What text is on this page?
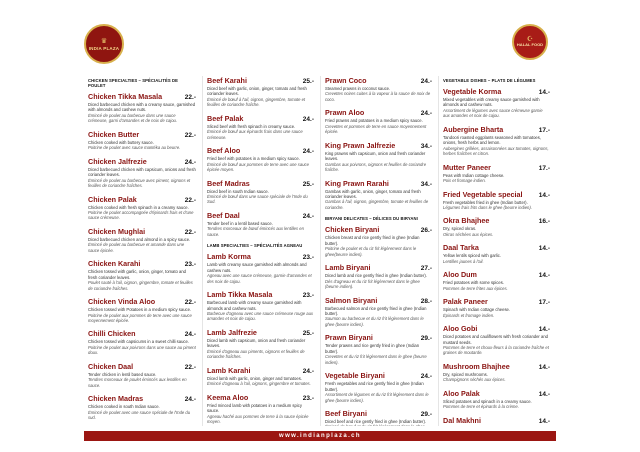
♛
INDIA PLAZA
☪
HALAL FOOD
CHICKEN SPECIALTIES – SPÉCIALITÉS DE POULET
Chicken Tikka Masala	22.-
Diced barbecued chicken with a creamy sauce, garnished with almonds and cashew nuts.
Émincé de poulet au barbecue dans une sauce crémeuse, garni d'amandes et de noix de cajou.
Chicken Butter	22.-
Chicken cooked with buttery sauce.
Poitrine de poulet avec sauce mantéka au beurre.
Chicken Jalfrezie	24.-
Diced barbecued chicken with capsicum, onions and fresh coriander leaves.
Émincé de poulet au barbecue avec piment, oignons et feuilles de coriandre fraîches.
Chicken Palak	22.-
Chicken cooked with fresh spinach in a creamy sauce.
Poitrine de poulet accompagnée d'épinards frais et d'une sauce crémeuse.
Chicken Mughlai	22.-
Diced barbecued chicken and almond in a spicy sauce.
Émincé de poulet au barbecue et amande dans une sauce épicée.
Chicken Karahi	23.-
Chicken tossed with garlic, onion, ginger, tomato and fresh coriander leaves.
Poulet sauté à l'ail, oignon, gingembre, tomate et feuilles de coriandre fraîches.
Chicken Vinda Aloo	22.-
Chicken tossed with Potatoes in a medium spicy sauce.
Poitrine de poulet aux pommes de terre avec une sauce moyennement épicée.
Chilli Chicken	24.-
Chicken tossed with capsicums in a sweet chilli sauce.
Poitrine de poulet aux poivrons dans une sauce au piment doux.
Chicken Daal	22.-
Tender chicken in lentil based sauce.
Tendres morceaux de poulet émincés aux lentilles en sauce.
Chicken Madras	24.-
Chicken cooked in south Indian sauce.
Émincé de poulet avec une sauce spéciale de l'Inde du sud.
Beef Karahi	25.-
Diced beef with garlic, onion, ginger, tomato and fresh coriander leaves.
Émincé de bœuf à l'ail, oignon, gingembre, tomate et feuilles de coriandre fraîche.
Beef Palak	24.-
Sliced beef with fresh spinach in creamy sauce.
Émincé de bœuf aux épinards frais dans une sauce crémeuse.
Beef Aloo	24.-
Fried beef with potatoes in a medium spicy sauce.
Émincé de bœuf aux pommes de terre avec une sauce épicée moyen.
Beef Madras	25.-
Diced beef in south Indian sauce.
Émincé de bœuf dans une sauce spéciale de l'Inde du Sud.
Beef Daal	24.-
Tender beef in a lentil based sauce.
Tendres morceaux de bœuf émincés aux lentilles en sauce.
LAMB SPECIALTIES – SPÉCIALITÉS AGNEAU
Lamb Korma	23.-
Lamb with creamy sauce garnished with almonds and cashew nuts.
Agneau avec une sauce crémeuse, garnie d'amandes et des noix de cajou.
Lamb Tikka Masala	23.-
Barbecued lamb with creamy sauce garnished with almonds and cashew nuts.
Barbecue d'agneau avec une sauce crémeuse rouge aux amandes et noix de cajou.
Lamb Jalfrezie	25.-
Diced lamb with capsicum, onion and fresh coriander leaves.
Émincé d'agneau aux piments, oignons et feuilles de coriandre fraîches.
Lamb Karahi	24.-
Diced lamb with garlic, onion, ginger and tomatoes.
Émincé d'agneau à l'ail, oignons, gingembre et tomates.
Keema Aloo	23.-
Fried minced lamb with potatoes in a medium spicy sauce.
Agneau haché aux pommes de terre à la sauce épicée moyen.
Prawn Coco	24.-
Steamed prawns in coconut sauce.
Crevettes noires cuites à la vapeur à la sauce de noix de coco.
Prawn Aloo	24.-
Fried prawns and potatoes in a medium spicy sauce.
Crevettes et pommes de terre en sauce moyennement épicée.
King Prawn Jalfrezie	34.-
King prawns with capsicum, onion and fresh coriander leaves.
Gambas aux poivrons, oignons et feuilles de coriandre fraîche.
King Prawn Rarahi	34.-
Gambas with garlic, onion, ginger, tomato and fresh coriander leaves.
Gambas à l'ail, oignon, gingembre, tomate et feuilles de coriandre.
BIRYANI DELICATES – DÉLICES DU BIRYANI
Chicken Biryani	26.-
Chicken breast and rice gently fried in ghee (Indian butter).
Poitrine de poulet et du riz frit légèrement dans le ghee(beurre indien).
Lamb Biryani	27.-
Diced lamb and rice gently fried in ghee (Indian butter).
Dés d'agneau et du riz frit légèrement dans le ghee (beurre indien).
Salmon Biryani	28.-
Barbecued salmon and rice gently fried in ghee (Indian butter).
Saumon au barbecue et du riz frit légèrement dans le ghee (beurre indien).
Prawn Biryani	29.-
Tender prawns and rice gently fried in ghee (Indian butter).
Crevettes et du riz frit légèrement dans le ghee (beurre indien).
Vegetable Biryani	24.-
Fresh vegetables and rice gently fried in ghee (Indian butter).
Assortiment de légumes et du riz frit légèrement dans le ghee (beurre indien).
Beef Biryani	29.-
Diced beef and rice gently fried in ghee (Indian butter).
VEGETABLE DISHES – PLATS DE LÉGUMES
Vegetable Korma	14.-
Mixed vegetables with creamy sauce garnished with almonds and cashew nuts.
Assortiment de légumes avec sauce crémeuse garnie aux amandes et noix de cajou.
Aubergine Bharta	17.-
Tandoori roasted eggplants seasoned with tomatoes, onions, fresh herbs and lemon.
Aubergines grillées, assaisonnées aux tomates, oignons, herbes fraîches et citron.
Mutter Paneer	17.-
Peas with Indian cottage cheese.
Pois et fromage indien.
Fried Vegetable special	14.-
Fresh vegetables fried in ghee (Indian butter).
Légumes frais frits dans le ghee (beurre indien).
Okra Bhajhee	16.-
Dry, spiced okras.
Okras séchées aux épices.
Daal Tarka	14.-
Yellow lentils spiced with garlic.
Lentilles jaunes à l'ail.
Aloo Dum	14.-
Fried potatoes with some spices.
Pommes de terre frites aux épices.
Palak Paneer	17.-
Spinach with Indian cottage cheese.
Épinards et fromage indien.
Aloo Gobi	14.-
Diced potatoes and cauliflowers with fresh coriander and mustard seeds.
Pommes de terre et choux-fleurs à la coriandre fraîche et graines de moutarde.
Mushroom Bhajhee	14.-
Dry, spiced mushrooms.
Champignons séchés aux épices.
Aloo Palak	14.-
Sliced potatoes and spinach in a creamy sauce.
Pommes de terre et épinards à la crème.
Dal Makhni	14.-
www.indianplaza.ch
